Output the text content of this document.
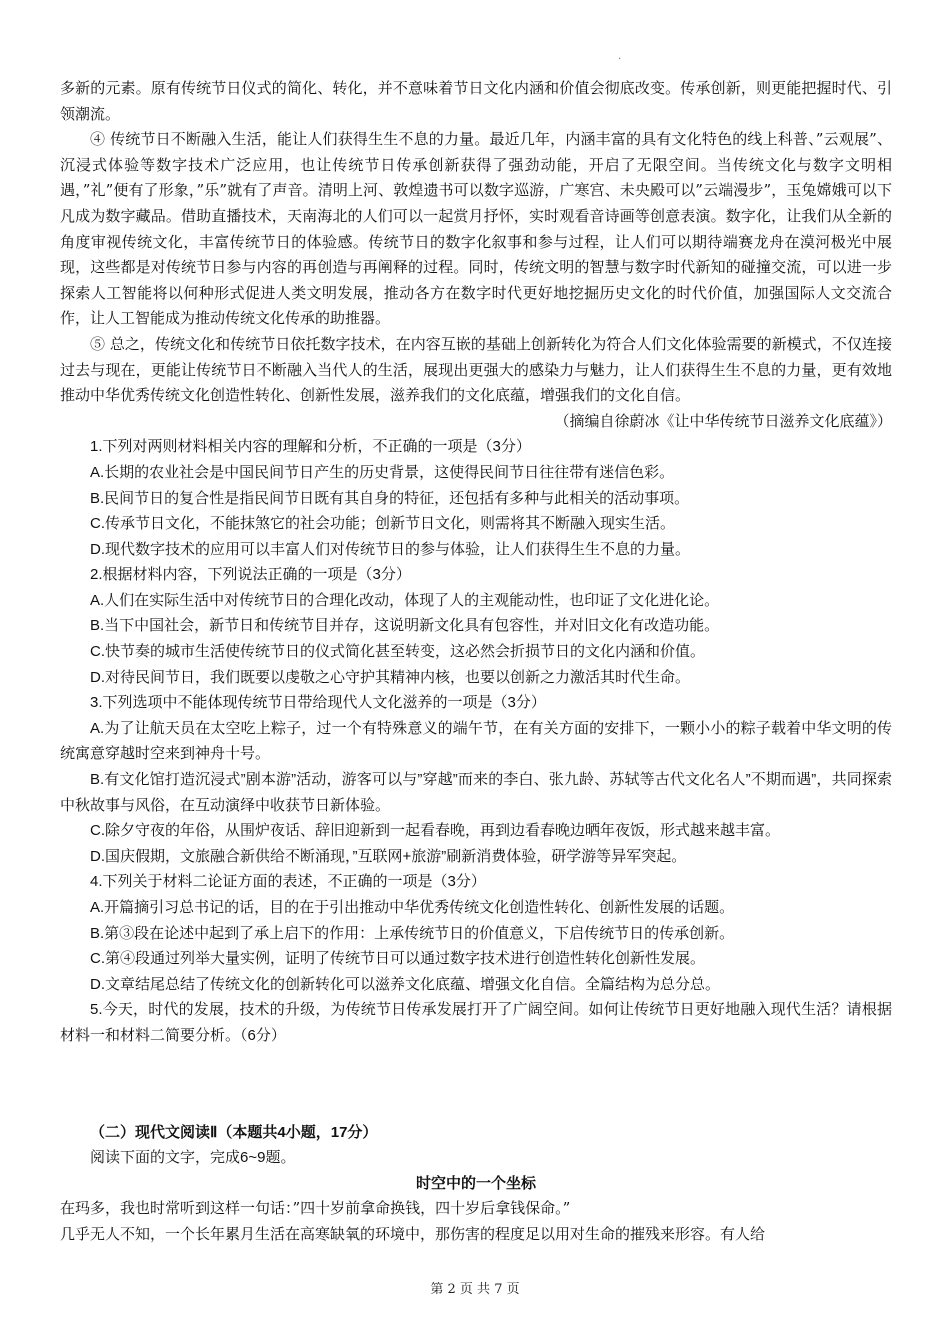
·

多新的元素。原有传统节日仪式的简化、转化，并不意味着节日文化内涵和价值会彻底改变。传承创新，则更能把握时代、引领潮流。

④ 传统节日不断融入生活，能让人们获得生生不息的力量。最近几年，内涵丰富的具有文化特色的线上科普、”云观展”、沉浸式体验等数字技术广泛应用，也让传统节日传承创新获得了强劲动能，开启了无限空间。当传统文化与数字文明相遇，”礼”便有了形象，”乐”就有了声音。清明上河、敦煌遗书可以数字巡游，广寒宫、未央殿可以”云端漫步”，玉兔嫦娥可以下凡成为数字藏品。借助直播技术，天南海北的人们可以一起赏月抒怀，实时观看音诗画等创意表演。数字化，让我们从全新的角度审视传统文化，丰富传统节日的体验感。传统节日的数字化叙事和参与过程，让人们可以期待端赛龙舟在漠河极光中展现，这些都是对传统节日参与内容的再创造与再阐释的过程。同时，传统文明的智慧与数字时代新知的碰撞交流，可以进一步探索人工智能将以何种形式促进人类文明发展，推动各方在数字时代更好地挖掘历史文化的时代价值，加强国际人文交流合作，让人工智能成为推动传统文化传承的助推器。

⑤ 总之，传统文化和传统节日依托数字技术，在内容互嵌的基础上创新转化为符合人们文化体验需要的新模式，不仅连接过去与现在，更能让传统节日不断融入当代人的生活，展现出更强大的感染力与魅力，让人们获得生生不息的力量，更有效地推动中华优秀传统文化创造性转化、创新性发展，滋养我们的文化底蕴，增强我们的文化自信。

（摘编自徐蔚冰《让中华传统节日滋养文化底蕴》）

1.下列对两则材料相关内容的理解和分析，不正确的一项是（3分）

A.长期的农业社会是中国民间节日产生的历史背景，这使得民间节日往往带有迷信色彩。

B.民间节日的复合性是指民间节日既有其自身的特征，还包括有多种与此相关的活动事项。

C.传承节日文化，不能抹煞它的社会功能；创新节日文化，则需将其不断融入现实生活。

D.现代数字技术的应用可以丰富人们对传统节日的参与体验，让人们获得生生不息的力量。

2.根据材料内容，下列说法正确的一项是（3分）

A.人们在实际生活中对传统节日的合理化改动，体现了人的主观能动性，也印证了文化进化论。

B.当下中国社会，新节日和传统节目并存，这说明新文化具有包容性，并对旧文化有改造功能。

C.快节奏的城市生活使传统节日的仪式简化甚至转变，这必然会折损节日的文化内涵和价值。

D.对待民间节日，我们既要以虔敬之心守护其精神内核，也要以创新之力激活其时代生命。

3.下列选项中不能体现传统节日带给现代人文化滋养的一项是（3分）

A.为了让航天员在太空吃上粽子，过一个有特殊意义的端午节，在有关方面的安排下，一颗小小的粽子载着中华文明的传统寓意穿越时空来到神舟十号。

B.有文化馆打造沉浸式”剧本游”活动，游客可以与”穿越”而来的李白、张九龄、苏轼等古代文化名人”不期而遇”，共同探索中秋故事与风俗，在互动演绎中收获节日新体验。

C.除夕守夜的年俗，从围炉夜话、辞旧迎新到一起看春晚，再到边看春晚边晒年夜饭，形式越来越丰富。

D.国庆假期，文旅融合新供给不断涌现，”互联网+旅游”刷新消费体验，研学游等异军突起。

4.下列关于材料二论证方面的表述，不正确的一项是（3分）

A.开篇摘引习总书记的话，目的在于引出推动中华优秀传统文化创造性转化、创新性发展的话题。

B.第③段在论述中起到了承上启下的作用：上承传统节日的价值意义，下启传统节日的传承创新。

C.第④段通过列举大量实例，证明了传统节日可以通过数字技术进行创造性转化创新性发展。

D.文章结尾总结了传统文化的创新转化可以滋养文化底蕴、增强文化自信。全篇结构为总分总。

5.今天，时代的发展，技术的升级，为传统节日传承发展打开了广阔空间。如何让传统节日更好地融入现代生活？请根据材料一和材料二简要分析。（6分）

（二）现代文阅读Ⅱ（本题共4小题，17分）

阅读下面的文字，完成6~9题。

时空中的一个坐标

在玛多，我也时常听到这样一句话：”四十岁前拿命换钱，四十岁后拿钱保命。”

几乎无人不知，一个长年累月生活在高寒缺氧的环境中，那伤害的程度足以用对生命的摧残来形容。有人给

第 2 页 共 7 页
